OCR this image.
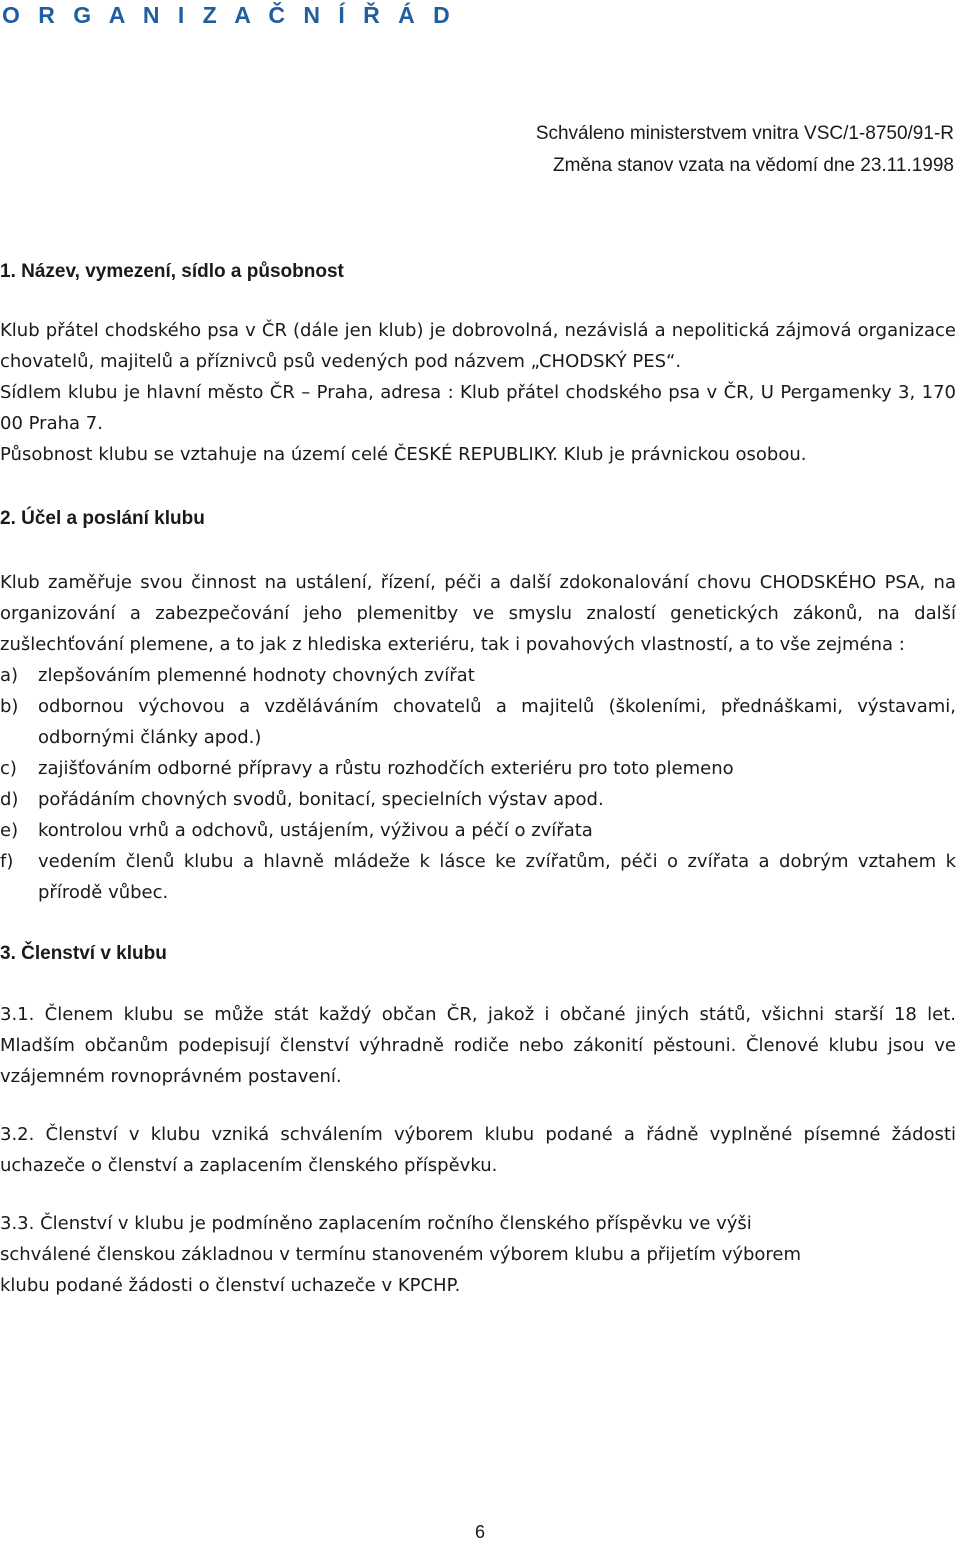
O R G A N I Z A Č N Í Ř Á D
Schváleno ministerstvem vnitra VSC/1-8750/91-R
Změna stanov vzata na vědomí dne 23.11.1998
1. Název, vymezení, sídlo a působnost

Klub přátel chodského psa v ČR (dále jen klub) je dobrovolná, nezávislá a nepolitická zájmová organizace chovatelů, majitelů a příznivců psů vedených pod názvem „CHODSKÝ PES“.

Sídlem klubu je hlavní město ČR – Praha, adresa : Klub přátel chodského psa v ČR, U Pergamenky 3, 170 00 Praha 7.

Působnost klubu se vztahuje na území celé ČESKÉ REPUBLIKY. Klub je právnickou osobou.

2. Účel a poslání klubu

Klub zaměřuje svou činnost na ustálení, řízení, péči a další zdokonalování chovu CHODSKÉHO PSA, na organizování a zabezpečování jeho plemenitby ve smyslu znalostí genetických zákonů, na další zušlechťování plemene, a to jak z hlediska exteriéru, tak i povahových vlastností, a to vše zejména :

a)	zlepšováním plemenné hodnoty chovných zvířat
b)	odbornou výchovou a vzděláváním chovatelů a majitelů (školeními, přednáškami, výstavami, odbornými články apod.)
c)	zajišťováním odborné přípravy a růstu rozhodčích exteriéru pro toto plemeno
d)	pořádáním chovných svodů, bonitací, specielních výstav apod.
e)	kontrolou vrhů a odchovů, ustájením, výživou a péčí o zvířata
f)	vedením členů klubu a hlavně mládeže k lásce ke zvířatům, péči o zvířata a dobrým vztahem k přírodě vůbec.
3. Členství v klubu

3.1. Členem klubu se může stát každý občan ČR, jakož i občané jiných států, všichni starší 18 let. Mladším občanům podepisují členství výhradně rodiče nebo zákonití pěstouni. Členové klubu jsou ve vzájemném rovnoprávném postavení.

3.2. Členství v klubu vzniká schválením výborem klubu podané a řádně vyplněné písemné žádosti uchazeče o členství a zaplacením členského příspěvku.

3.3. Členství v klubu je podmíněno zaplacením ročního členského příspěvku ve výši
schválené členskou základnou v termínu stanoveném výborem klubu a přijetím výborem
klubu podané žádosti o členství uchazeče v KPCHP.
6
